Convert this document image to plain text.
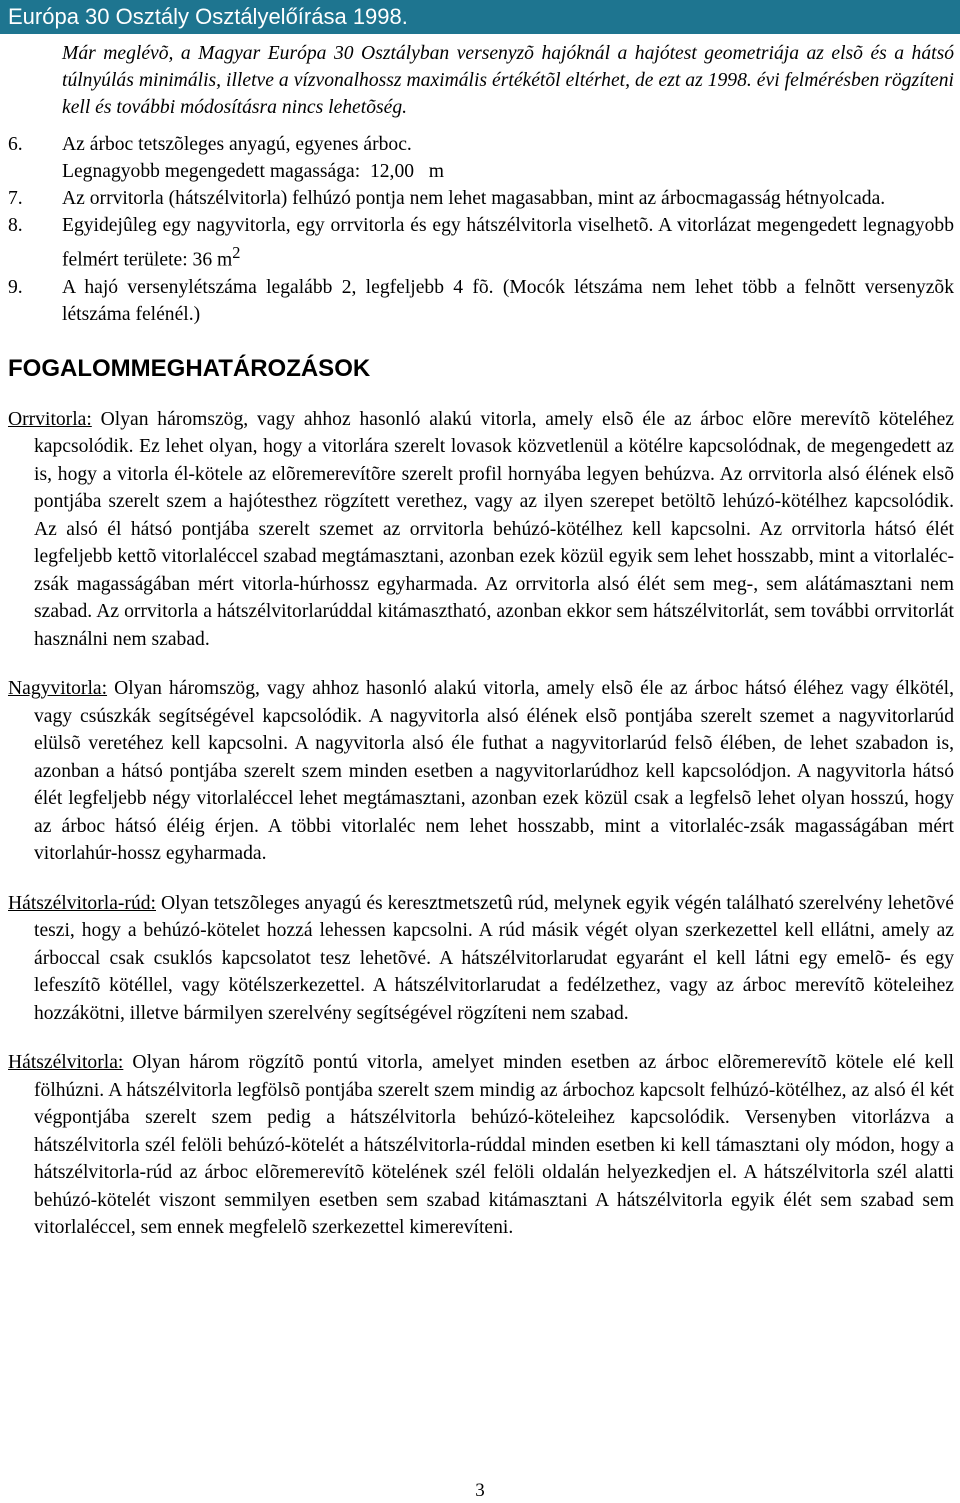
Európa 30 Osztály Osztályelőírása 1998.

Már meglévõ, a Magyar Európa 30 Osztályban versenyzõ hajóknál a hajótest geometriája az elsõ és a hátsó túlnyúlás minimális, illetve a vízvonalhossz maximális értékétõl eltérhet, de ezt az 1998. évi felmérésben rögzíteni kell és további módosításra nincs lehetõség.

6.	Az árboc tetszõleges anyagú, egyenes árboc.
Legnagyobb megengedett magassága:  12,00   m
7.	Az orrvitorla (hátszélvitorla) felhúzó pontja nem lehet magasabban, mint az árbocmagasság hétnyolcada.
8.	Egyidejûleg egy nagyvitorla, egy orrvitorla és egy hátszélvitorla viselhetõ. A vitorlázat megengedett legnagyobb felmért területe: 36 $m^2$
9.	A hajó versenylétszáma legalább 2, legfeljebb 4 fõ. (Mocók létszáma nem lehet több a felnõtt versenyzõk létszáma felénél.)
FOGALOMMEGHATÁROZÁSOK

Orrvitorla: Olyan háromszög, vagy ahhoz hasonló alakú vitorla, amely elsõ éle az árboc elõre merevítõ köteléhez kapcsolódik. Ez lehet olyan, hogy a vitorlára szerelt lovasok közvetlenül a kötélre kapcsolódnak, de megengedett az is, hogy a vitorla él-kötele az elõremerevítõre szerelt profil hornyába legyen behúzva. Az orrvitorla alsó élének elsõ pontjába szerelt szem a hajótesthez rögzített verethez, vagy az ilyen szerepet betöltõ lehúzó-kötélhez kapcsolódik. Az alsó él hátsó pontjába szerelt szemet az orrvitorla behúzó-kötélhez kell kapcsolni. Az orrvitorla hátsó élét legfeljebb kettõ vitorlaléccel szabad megtámasztani, azonban ezek közül egyik sem lehet hosszabb, mint a vitorlaléc-zsák magasságában mért vitorla-húrhossz egyharmada. Az orrvitorla alsó élét sem meg-, sem alátámasztani nem szabad. Az orrvitorla a hátszélvitorlarúddal kitámasztható, azonban ekkor sem hátszélvitorlát, sem további orrvitorlát használni nem szabad.

Nagyvitorla: Olyan háromszög, vagy ahhoz hasonló alakú vitorla, amely elsõ éle az árboc hátsó éléhez vagy élkötél, vagy csúszkák segítségével kapcsolódik. A nagyvitorla alsó élének elsõ pontjába szerelt szemet a nagyvitorlarúd elülsõ veretéhez kell kapcsolni. A nagyvitorla alsó éle futhat a nagyvitorlarúd felsõ élében, de lehet szabadon is, azonban a hátsó pontjába szerelt szem minden esetben a nagyvitorlarúdhoz kell kapcsolódjon. A nagyvitorla hátsó élét legfeljebb négy vitorlaléccel lehet megtámasztani, azonban ezek közül csak a legfelsõ lehet olyan hosszú, hogy az árboc hátsó éléig érjen. A többi vitorlaléc nem lehet hosszabb, mint a vitorlaléc-zsák magasságában mért vitorlahúr-hossz egyharmada.

Hátszélvitorla-rúd: Olyan tetszõleges anyagú és keresztmetszetû rúd, melynek egyik végén található szerelvény lehetõvé teszi, hogy a behúzó-kötelet hozzá lehessen kapcsolni. A rúd másik végét olyan szerkezettel kell ellátni, amely az árboccal csak csuklós kapcsolatot tesz lehetõvé. A hátszélvitorlarudat egyaránt el kell látni egy emelõ- és egy lefeszítõ kötéllel, vagy kötélszerkezettel. A hátszélvitorlarudat a fedélzethez, vagy az árboc merevítõ köteleihez hozzákötni, illetve bármilyen szerelvény segítségével rögzíteni nem szabad.

Hátszélvitorla: Olyan három rögzítõ pontú vitorla, amelyet minden esetben az árboc elõremerevítõ kötele elé kell fölhúzni. A hátszélvitorla legfölsõ pontjába szerelt szem mindig az árbochoz kapcsolt felhúzó-kötélhez, az alsó él két végpontjába szerelt szem pedig a hátszélvitorla behúzó-köteleihez kapcsolódik. Versenyben vitorlázva a hátszélvitorla szél felöli behúzó-kötelét a hátszélvitorla-rúddal minden esetben ki kell támasztani oly módon, hogy a hátszélvitorla-rúd az árboc elõremerevítõ kötelének szél felöli oldalán helyezkedjen el. A hátszélvitorla szél alatti behúzó-kötelét viszont semmilyen esetben sem szabad kitámasztani A hátszélvitorla egyik élét sem szabad sem vitorlaléccel, sem ennek megfelelõ szerkezettel kimerevíteni.

3
